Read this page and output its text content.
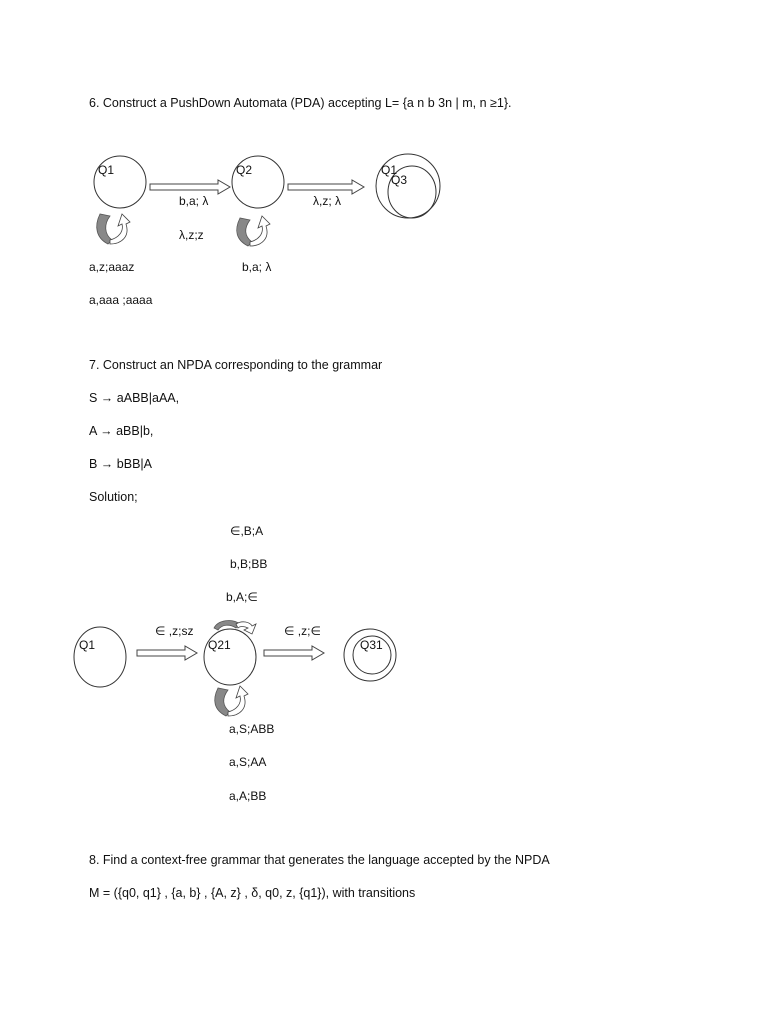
6. Construct a PushDown Automata (PDA) accepting L= {a n b 3n | m, n ≥1}.
Q1	Q2	Q1
Q3
b,a; λ	λ,z; λ
λ,z;z
b,a; λ
a,z;aaaz
a,aaa ;aaaa
7. Construct an NPDA corresponding to the grammar
S → aABB|aAA,
A → aBB|b,
B → bBB|A
Solution;
∈,B;A
b,B;BB
b,A;∈
Q1	Q21	Q31
∈ ,z;sz	∈ ,z;∈
a,S;ABB
a,S;AA
a,A;BB
8. Find a context-free grammar that generates the language accepted by the NPDA
M = ({q0, q1} , {a, b} , {A, z} , δ, q0, z, {q1}), with transitions
